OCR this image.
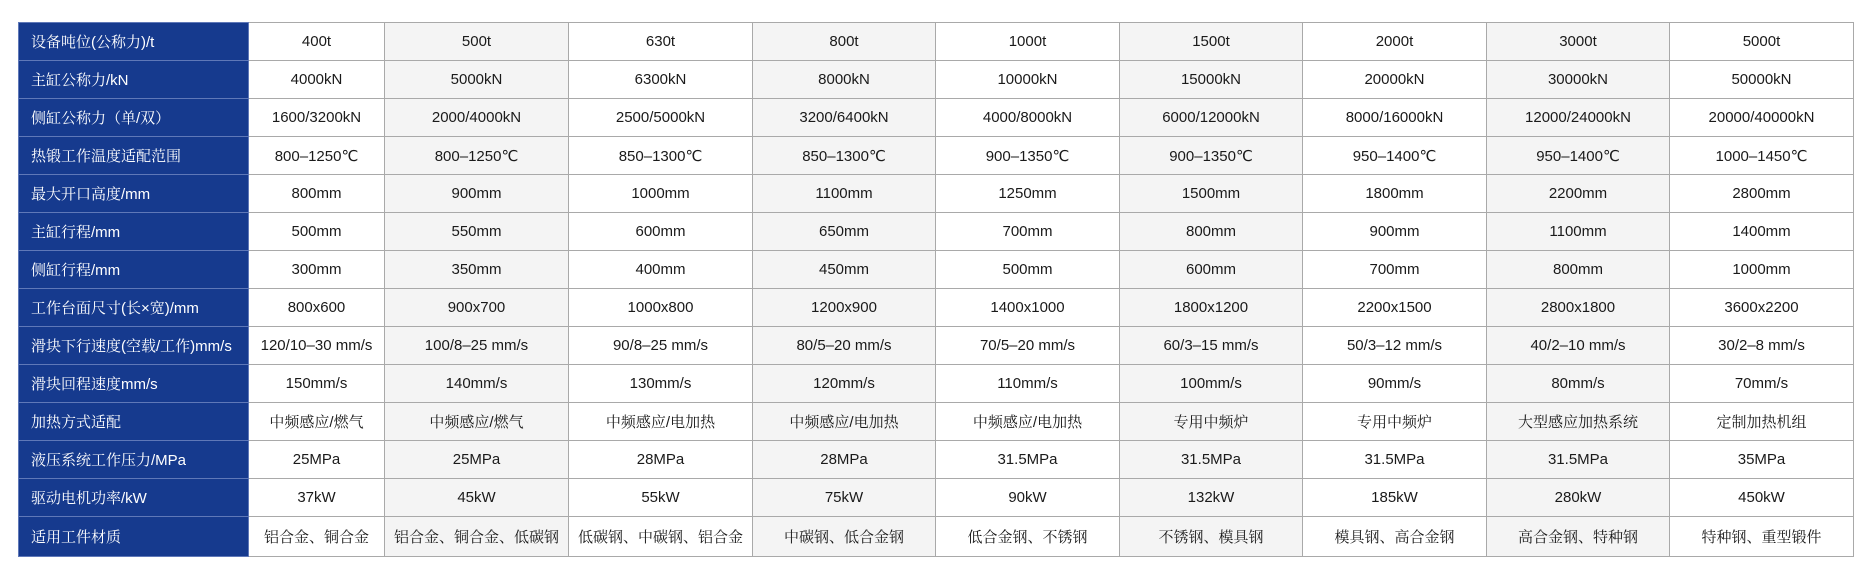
设备吨位(公称力)/t	400t	500t	630t	800t	1000t	1500t	2000t	3000t	5000t
主缸公称力/kN	4000kN	5000kN	6300kN	8000kN	10000kN	15000kN	20000kN	30000kN	50000kN
侧缸公称力（单/双）	1600/3200kN	2000/4000kN	2500/5000kN	3200/6400kN	4000/8000kN	6000/12000kN	8000/16000kN	12000/24000kN	20000/40000kN
热锻工作温度适配范围	800–1250℃	800–1250℃	850–1300℃	850–1300℃	900–1350℃	900–1350℃	950–1400℃	950–1400℃	1000–1450℃
最大开口高度/mm	800mm	900mm	1000mm	1100mm	1250mm	1500mm	1800mm	2200mm	2800mm
主缸行程/mm	500mm	550mm	600mm	650mm	700mm	800mm	900mm	1100mm	1400mm
侧缸行程/mm	300mm	350mm	400mm	450mm	500mm	600mm	700mm	800mm	1000mm
工作台面尺寸(长×宽)/mm	800x600	900x700	1000x800	1200x900	1400x1000	1800x1200	2200x1500	2800x1800	3600x2200
滑块下行速度(空载/工作)mm/s	120/10–30 mm/s	100/8–25 mm/s	90/8–25 mm/s	80/5–20 mm/s	70/5–20 mm/s	60/3–15 mm/s	50/3–12 mm/s	40/2–10 mm/s	30/2–8 mm/s
滑块回程速度mm/s	150mm/s	140mm/s	130mm/s	120mm/s	110mm/s	100mm/s	90mm/s	80mm/s	70mm/s
加热方式适配	中频感应/燃气	中频感应/燃气	中频感应/电加热	中频感应/电加热	中频感应/电加热	专用中频炉	专用中频炉	大型感应加热系统	定制加热机组
液压系统工作压力/MPa	25MPa	25MPa	28MPa	28MPa	31.5MPa	31.5MPa	31.5MPa	31.5MPa	35MPa
驱动电机功率/kW	37kW	45kW	55kW	75kW	90kW	132kW	185kW	280kW	450kW
适用工件材质	铝合金、铜合金	铝合金、铜合金、低碳钢	低碳钢、中碳钢、铝合金	中碳钢、低合金钢	低合金钢、不锈钢	不锈钢、模具钢	模具钢、高合金钢	高合金钢、特种钢	特种钢、重型锻件
